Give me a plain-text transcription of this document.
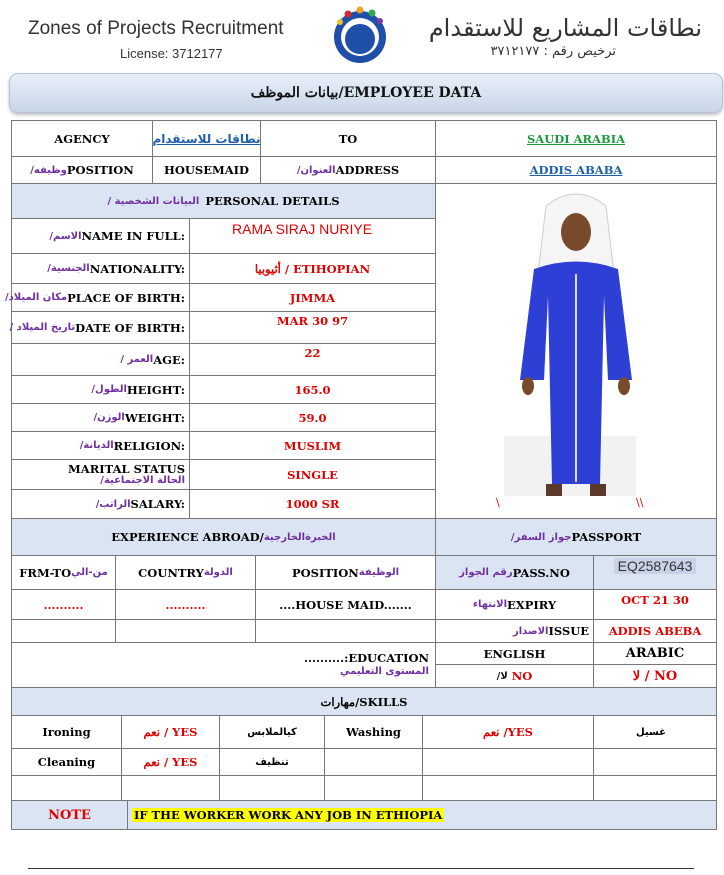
Zones of Projects Recruitment
License: 3712177
نطاقات المشاريع للاستقدام
ترخيص رقم : ٣٧١٢١٧٧
بيانات الموظف/EMPLOYEE DATA
AGENCY	نطاقات للاستقدام	TO	SAUDI ARABIA
وظيفه/ POSITION	HOUSEMAID	العنوان/ ADDRESS	ADDIS ABABA
البيانات الشخصية / PERSONAL DETAILS
\	\\
الاسم/ NAME IN FULL:	RAMA SIRAJ NURIYE
الجنسية/ NATIONALITY:	أثيوبيا / ETIHOPIAN
مكان الميلاد/ PLACE OF BIRTH:	JIMMA
تاريخ الميلاد / DATE OF BIRTH:	MAR 30 97
العمر / AGE:	22
الطول/ HEIGHT:	165.0
الوزن/ WEIGHT:	59.0
الديانة/ RELIGION:	MUSLIM
MARITAL STATUS
الحالة الاجتماعية/	SINGLE
الراتب/ SALARY:	1000 SR
EXPERIENCE ABROAD/ الخبرةالخارجية	جواز السفر/ PASSPORT
FRM-TO من-الي	COUNTRY الدولة	POSITION الوظيفة	رقم الجواز PASS.NO	EQ2587643
..........	..........	....HOUSE MAID.......	الانتهاء EXPIRY	OCT 21 30
الاصدار ISSUE	ADDIS ABEBA
..........:EDUCATION
المستوى التعليمي
ENGLISH	ARABIC
لا/
NO	لا / NO
مهارات/SKILLS
Ironing	نعم / YES	كيالملابس	Washing	نعم /YES	غسيل
Cleaning	نعم / YES	تنظيف
NOTE	IF THE WORKER WORK ANY JOB IN ETHIOPIA
